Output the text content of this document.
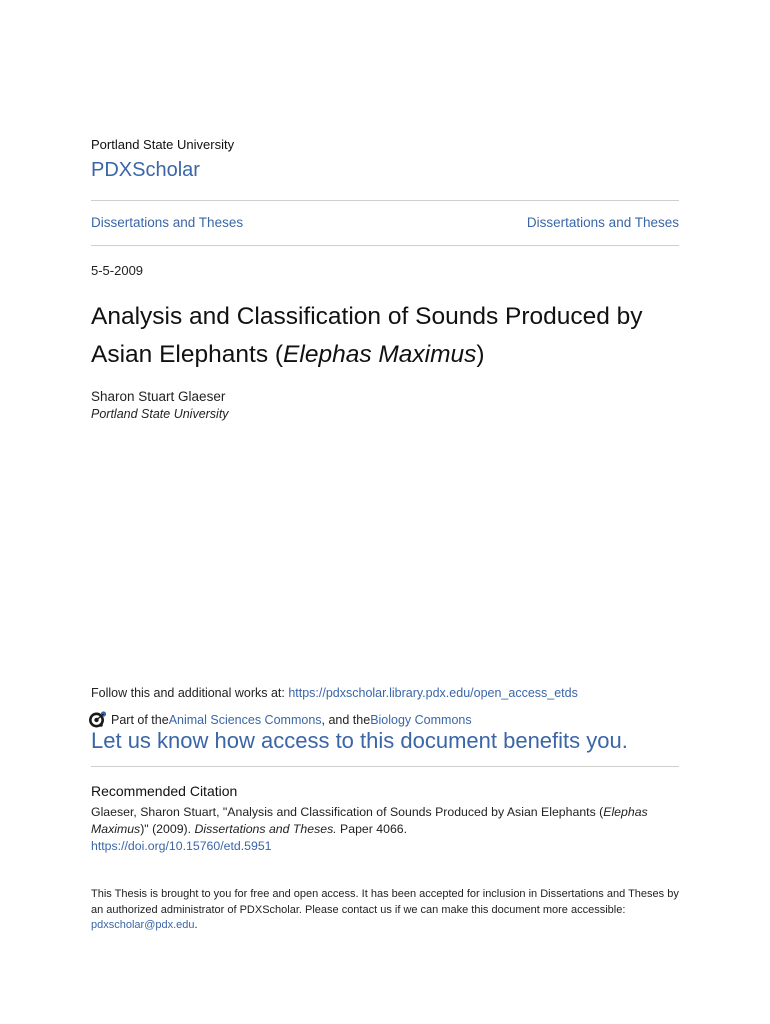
Portland State University
PDXScholar
Dissertations and Theses	Dissertations and Theses
5-5-2009
Analysis and Classification of Sounds Produced by Asian Elephants (Elephas Maximus)
Sharon Stuart Glaeser
Portland State University
Follow this and additional works at: https://pdxscholar.library.pdx.edu/open_access_etds
Part of the Animal Sciences Commons , and the Biology Commons
Let us know how access to this document benefits you.
Recommended Citation
Glaeser, Sharon Stuart, "Analysis and Classification of Sounds Produced by Asian Elephants (Elephas Maximus)" (2009). Dissertations and Theses. Paper 4066.
https://doi.org/10.15760/etd.5951
This Thesis is brought to you for free and open access. It has been accepted for inclusion in Dissertations and Theses by an authorized administrator of PDXScholar. Please contact us if we can make this document more accessible: pdxscholar@pdx.edu.
